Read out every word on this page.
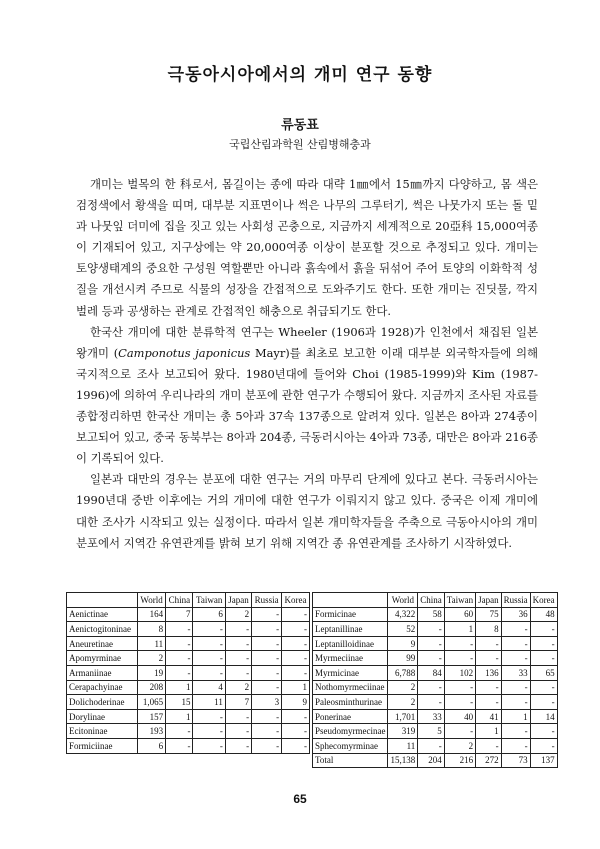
극동아시아에서의 개미 연구 동향
류동표
국립산림과학원 산림병해충과

개미는 벌목의 한 科로서, 몸길이는 종에 따라 대략 1㎜에서 15㎜까지 다양하고, 몸 색은 검정색에서 황색을 띠며, 대부분 지표면이나 썩은 나무의 그루터기, 썩은 나뭇가지 또는 돌 밑과 나뭇잎 더미에 집을 짓고 있는 사회성 곤충으로, 지금까지 세계적으로 20亞科 15,000여종이 기재되어 있고, 지구상에는 약 20,000여종 이상이 분포할 것으로 추정되고 있다. 개미는 토양생태계의 중요한 구성원 역할뿐만 아니라 흙속에서 흙을 뒤섞어 주어 토양의 이화학적 성질을 개선시켜 주므로 식물의 성장을 간접적으로 도와주기도 한다. 또한 개미는 진딧물, 깍지벌레 등과 공생하는 관계로 간접적인 해충으로 취급되기도 한다.

한국산 개미에 대한 분류학적 연구는 Wheeler (1906과 1928)가 인천에서 채집된 일본왕개미 (Camponotus japonicus Mayr)를 최초로 보고한 이래 대부분 외국학자들에 의해 국지적으로 조사 보고되어 왔다. 1980년대에 들어와 Choi (1985-1999)와 Kim (1987-1996)에 의하여 우리나라의 개미 분포에 관한 연구가 수행되어 왔다. 지금까지 조사된 자료를 종합정리하면 한국산 개미는 총 5아과 37속 137종으로 알려져 있다. 일본은 8아과 274종이 보고되어 있고, 중국 동북부는 8아과 204종, 극동러시아는 4아과 73종, 대만은 8아과 216종이 기록되어 있다.

일본과 대만의 경우는 분포에 대한 연구는 거의 마무리 단계에 있다고 본다. 극동러시아는 1990년대 중반 이후에는 거의 개미에 대한 연구가 이뤄지지 않고 있다. 중국은 이제 개미에 대한 조사가 시작되고 있는 실정이다. 따라서 일본 개미학자들을 주축으로 극동아시아의 개미분포에서 지역간 유연관계를 밝혀 보기 위해 지역간 종 유연관계를 조사하기 시작하였다.

	World	China	Taiwan	Japan	Russia	Korea
Aenictinae	164	7	6	2	-	-
Aenictogitoninae	8	-	-	-	-	-
Aneuretinae	11	-	-	-	-	-
Apomyrminae	2	-	-	-	-	-
Armaniinae	19	-	-	-	-	-
Cerapachyinae	208	1	4	2	-	1
Dolichoderinae	1,065	15	11	7	3	9
Dorylinae	157	1	-	-	-	-
Ecitoninae	193	-	-	-	-	-
Formiciinae	6	-	-	-	-	-
	World	China	Taiwan	Japan	Russia	Korea
Formicinae	4,322	58	60	75	36	48
Leptanillinae	52	-	1	8	-	-
Leptanilloidinae	9	-	-	-	-	-
Myrmeciinae	99	-	-	-	-	-
Myrmicinae	6,788	84	102	136	33	65
Nothomyrmeciinae	2	-	-	-	-	-
Paleosminthurinae	2	-	-	-	-	-
Ponerinae	1,701	33	40	41	1	14
Pseudomyrmecinae	319	5	-	1	-	-
Sphecomyrminae	11	-	2	-	-	-
Total	15,138	204	216	272	73	137
65
